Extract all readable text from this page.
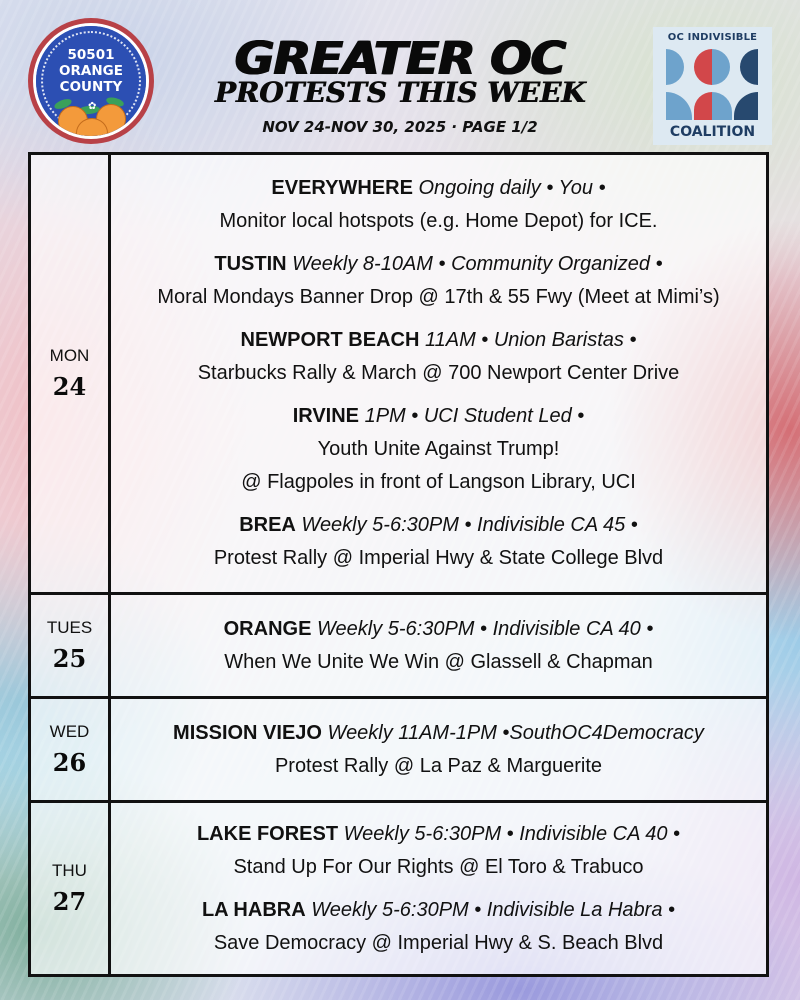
50501
ORANGE
COUNTY
✿
GREATER OC
PROTESTS THIS WEEK
NOV 24-NOV 30, 2025 · PAGE 1/2
OC INDIVISIBLE
COALITION
MON
24
EVERYWHERE Ongoing daily • You •
Monitor local hotspots (e.g. Home Depot) for ICE.
TUSTIN Weekly 8-10AM • Community Organized •
Moral Mondays Banner Drop @ 17th & 55 Fwy (Meet at Mimi’s)
NEWPORT BEACH 11AM • Union Baristas •
Starbucks Rally & March @ 700 Newport Center Drive
IRVINE 1PM • UCI Student Led •
Youth Unite Against Trump!
@ Flagpoles in front of Langson Library, UCI
BREA Weekly 5-6:30PM • Indivisible CA 45 •
Protest Rally @ Imperial Hwy & State College Blvd
TUES
25
ORANGE Weekly 5-6:30PM • Indivisible CA 40 •
When We Unite We Win @ Glassell & Chapman
WED
26
MISSION VIEJO Weekly 11AM-1PM •SouthOC4Democracy
Protest Rally @ La Paz & Marguerite
THU
27
LAKE FOREST Weekly 5-6:30PM • Indivisible CA 40 •
Stand Up For Our Rights @ El Toro & Trabuco
LA HABRA Weekly 5-6:30PM • Indivisible La Habra •
Save Democracy @ Imperial Hwy & S. Beach Blvd
